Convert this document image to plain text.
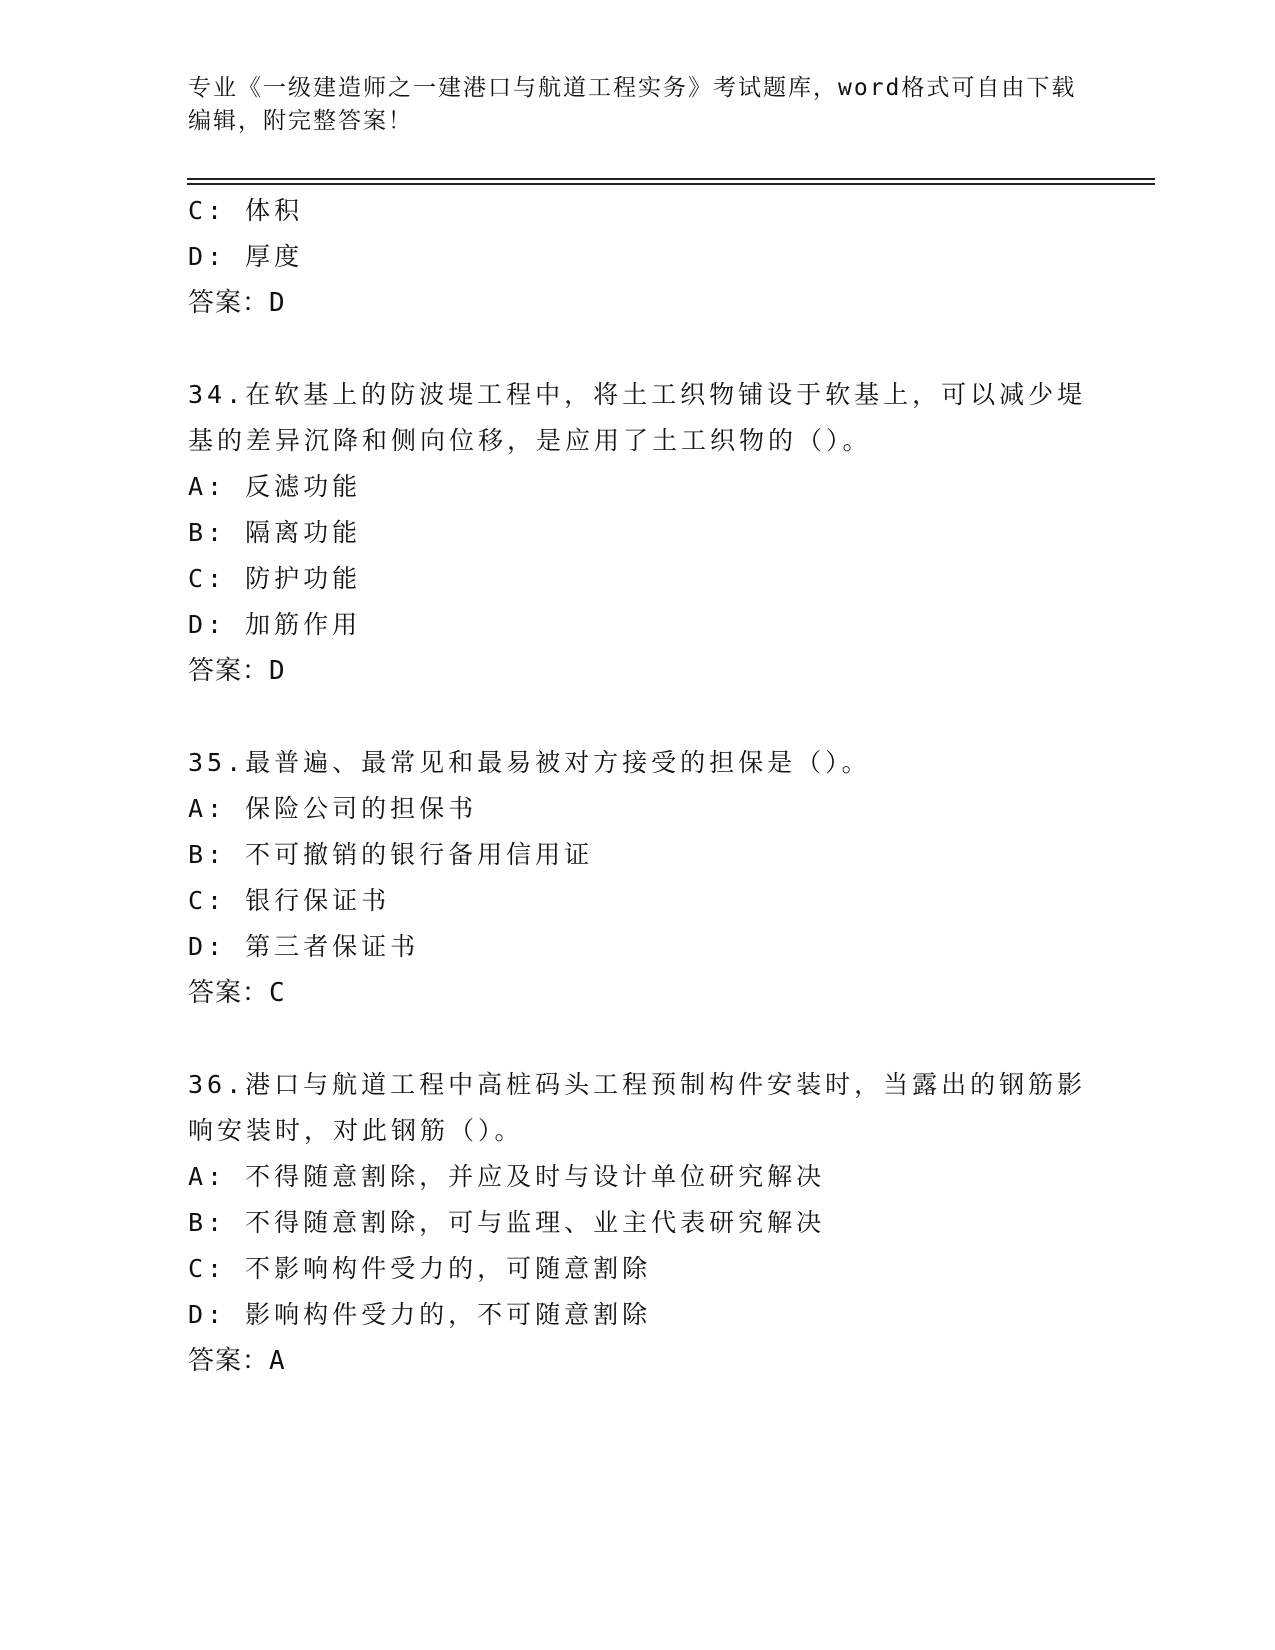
专业《一级建造师之一建港口与航道工程实务》考试题库，word格式可自由下载
编辑，附完整答案！
C: 体积
D: 厚度
答案：D
34.在软基上的防波堤工程中，将土工织物铺设于软基上，可以减少堤
基的差异沉降和侧向位移，是应用了土工织物的（）。
A: 反滤功能
B: 隔离功能
C: 防护功能
D: 加筋作用
答案：D
35.最普遍、最常见和最易被对方接受的担保是（）。
A: 保险公司的担保书
B: 不可撤销的银行备用信用证
C: 银行保证书
D: 第三者保证书
答案：C
36.港口与航道工程中高桩码头工程预制构件安装时，当露出的钢筋影
响安装时，对此钢筋（）。
A: 不得随意割除，并应及时与设计单位研究解决
B: 不得随意割除，可与监理、业主代表研究解决
C: 不影响构件受力的，可随意割除
D: 影响构件受力的，不可随意割除
答案：A
